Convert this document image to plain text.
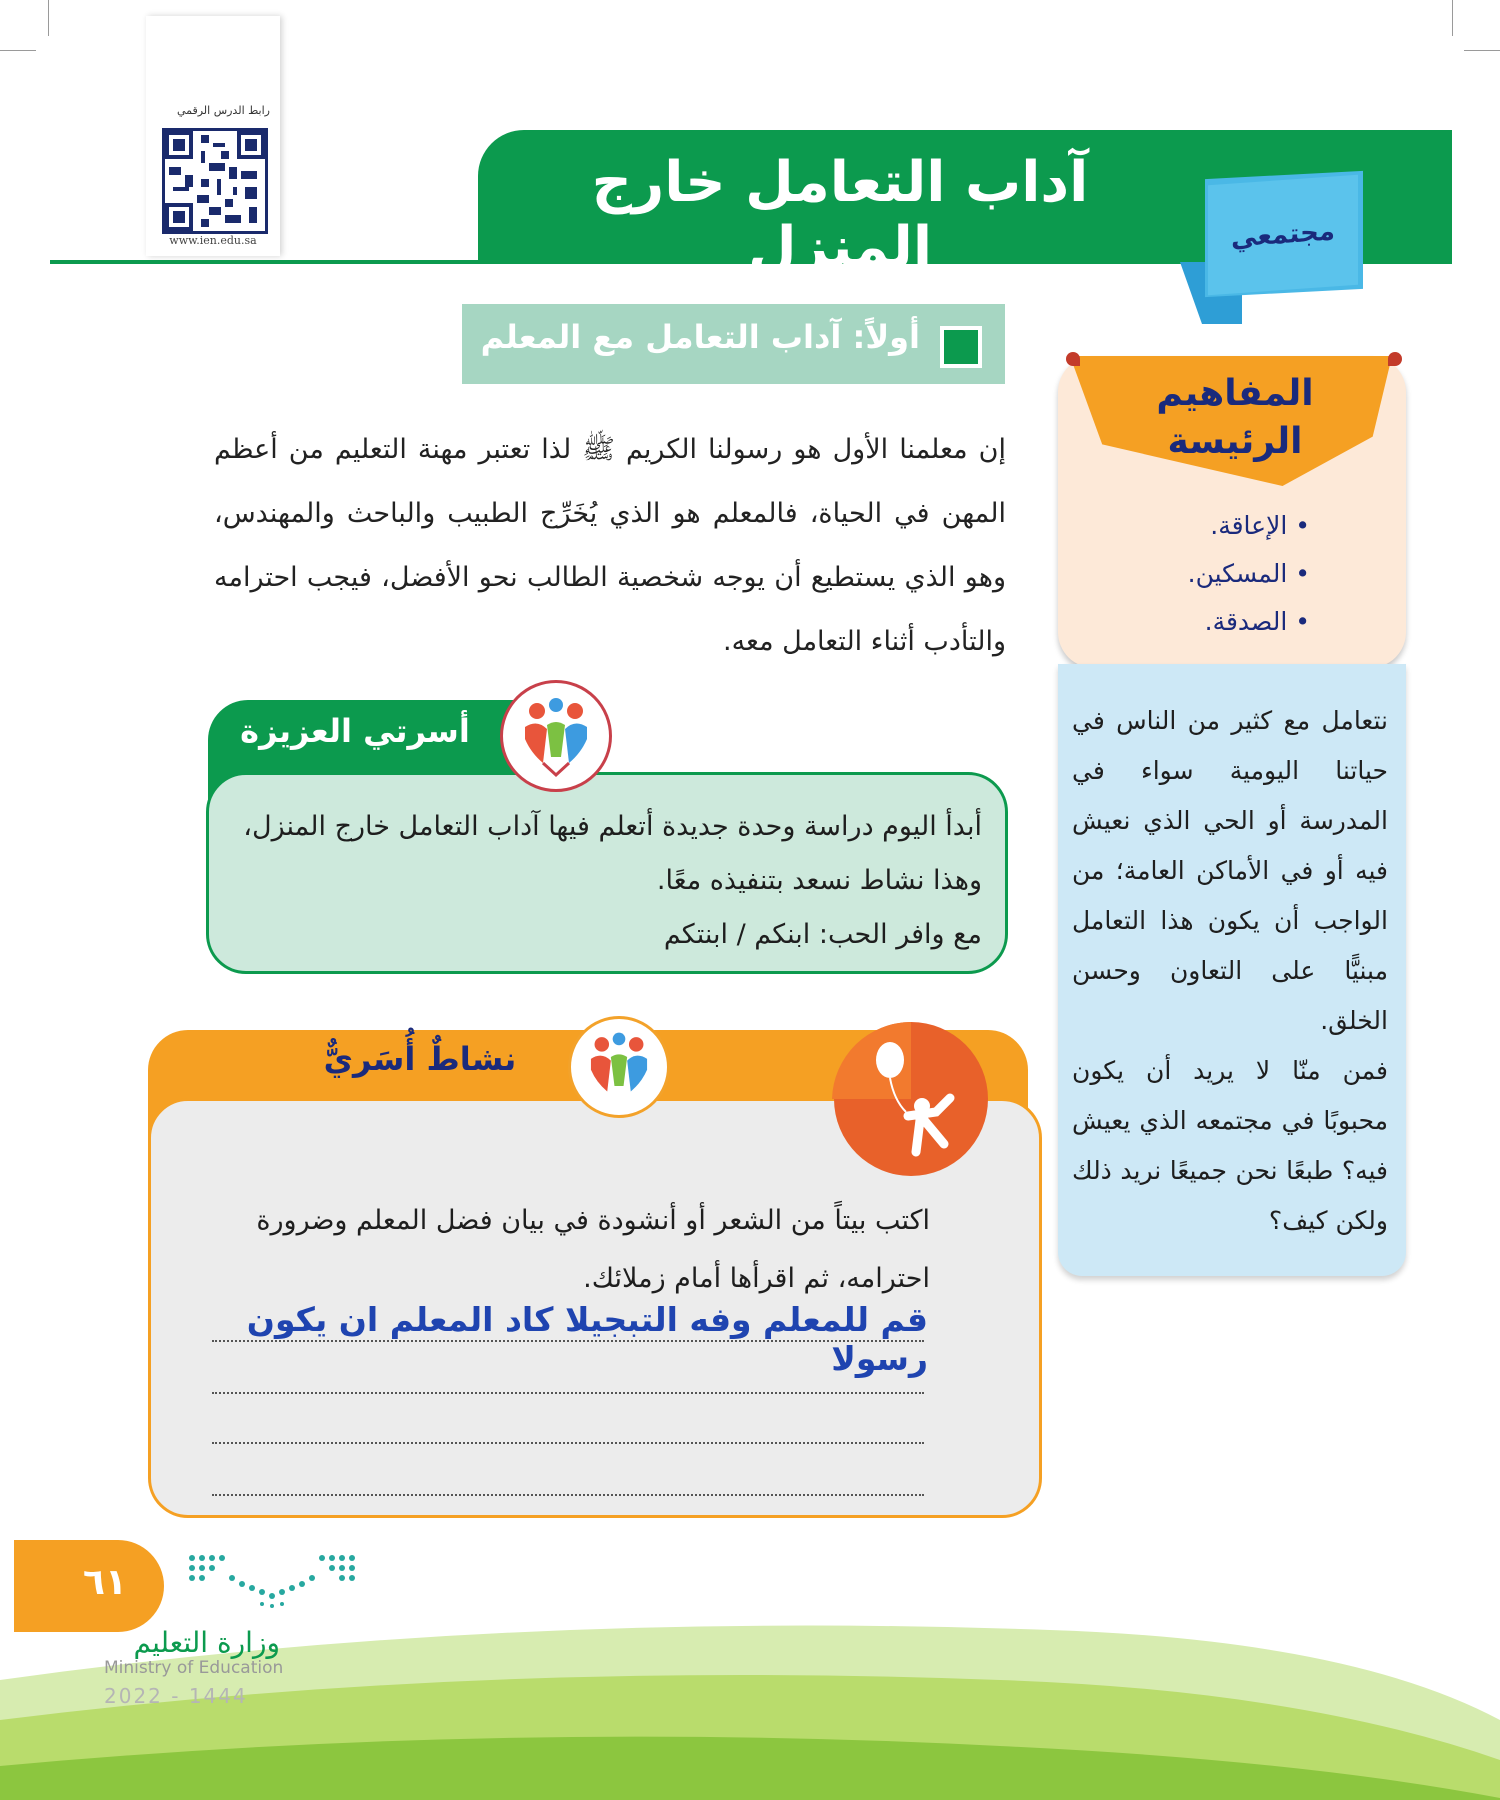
رابط الدرس الرقمي
www.ien.edu.sa
آداب التعامل خارج المنزل	مجتمعي
أولاً: آداب التعامل مع المعلم

إن معلمنا الأول هو رسولنا الكريم ﷺ لذا تعتبر مهنة التعليم من أعظم المهن في الحياة، فالمعلم هو الذي يُخَرِّج الطبيب والباحث والمهندس، وهو الذي يستطيع أن يوجه شخصية الطالب نحو الأفضل، فيجب احترامه والتأدب أثناء التعامل معه.

أسرتي العزيزة
أبدأ اليوم دراسة وحدة جديدة أتعلم فيها آداب التعامل خارج المنزل،
وهذا نشاط نسعد بتنفيذه معًا.
مع وافر الحب: ابنكم / ابنتكم
نشاطٌ أُسَريٌّ

اكتب بيتاً من الشعر أو أنشودة في بيان فضل المعلم وضرورة احترامه، ثم اقرأها أمام زملائك.

قم للمعلم وفه التبجيلا كاد المعلم ان يكون رسولا
المفاهيم
الرئيسة
• الإعاقة.
• المسكين.
• الصدقة.

نتعامل مع كثير من الناس في حياتنا اليومية سواء في المدرسة أو الحي الذي نعيش فيه أو في الأماكن العامة؛ من الواجب أن يكون هذا التعامل مبنيًّا على التعاون وحسن الخلق.

فمن منّا لا يريد أن يكون محبوبًا في مجتمعه الذي يعيش فيه؟ طبعًا نحن جميعًا نريد ذلك ولكن كيف؟

٦١
وزارة التعليم
Ministry of Education
2022 - 1444
